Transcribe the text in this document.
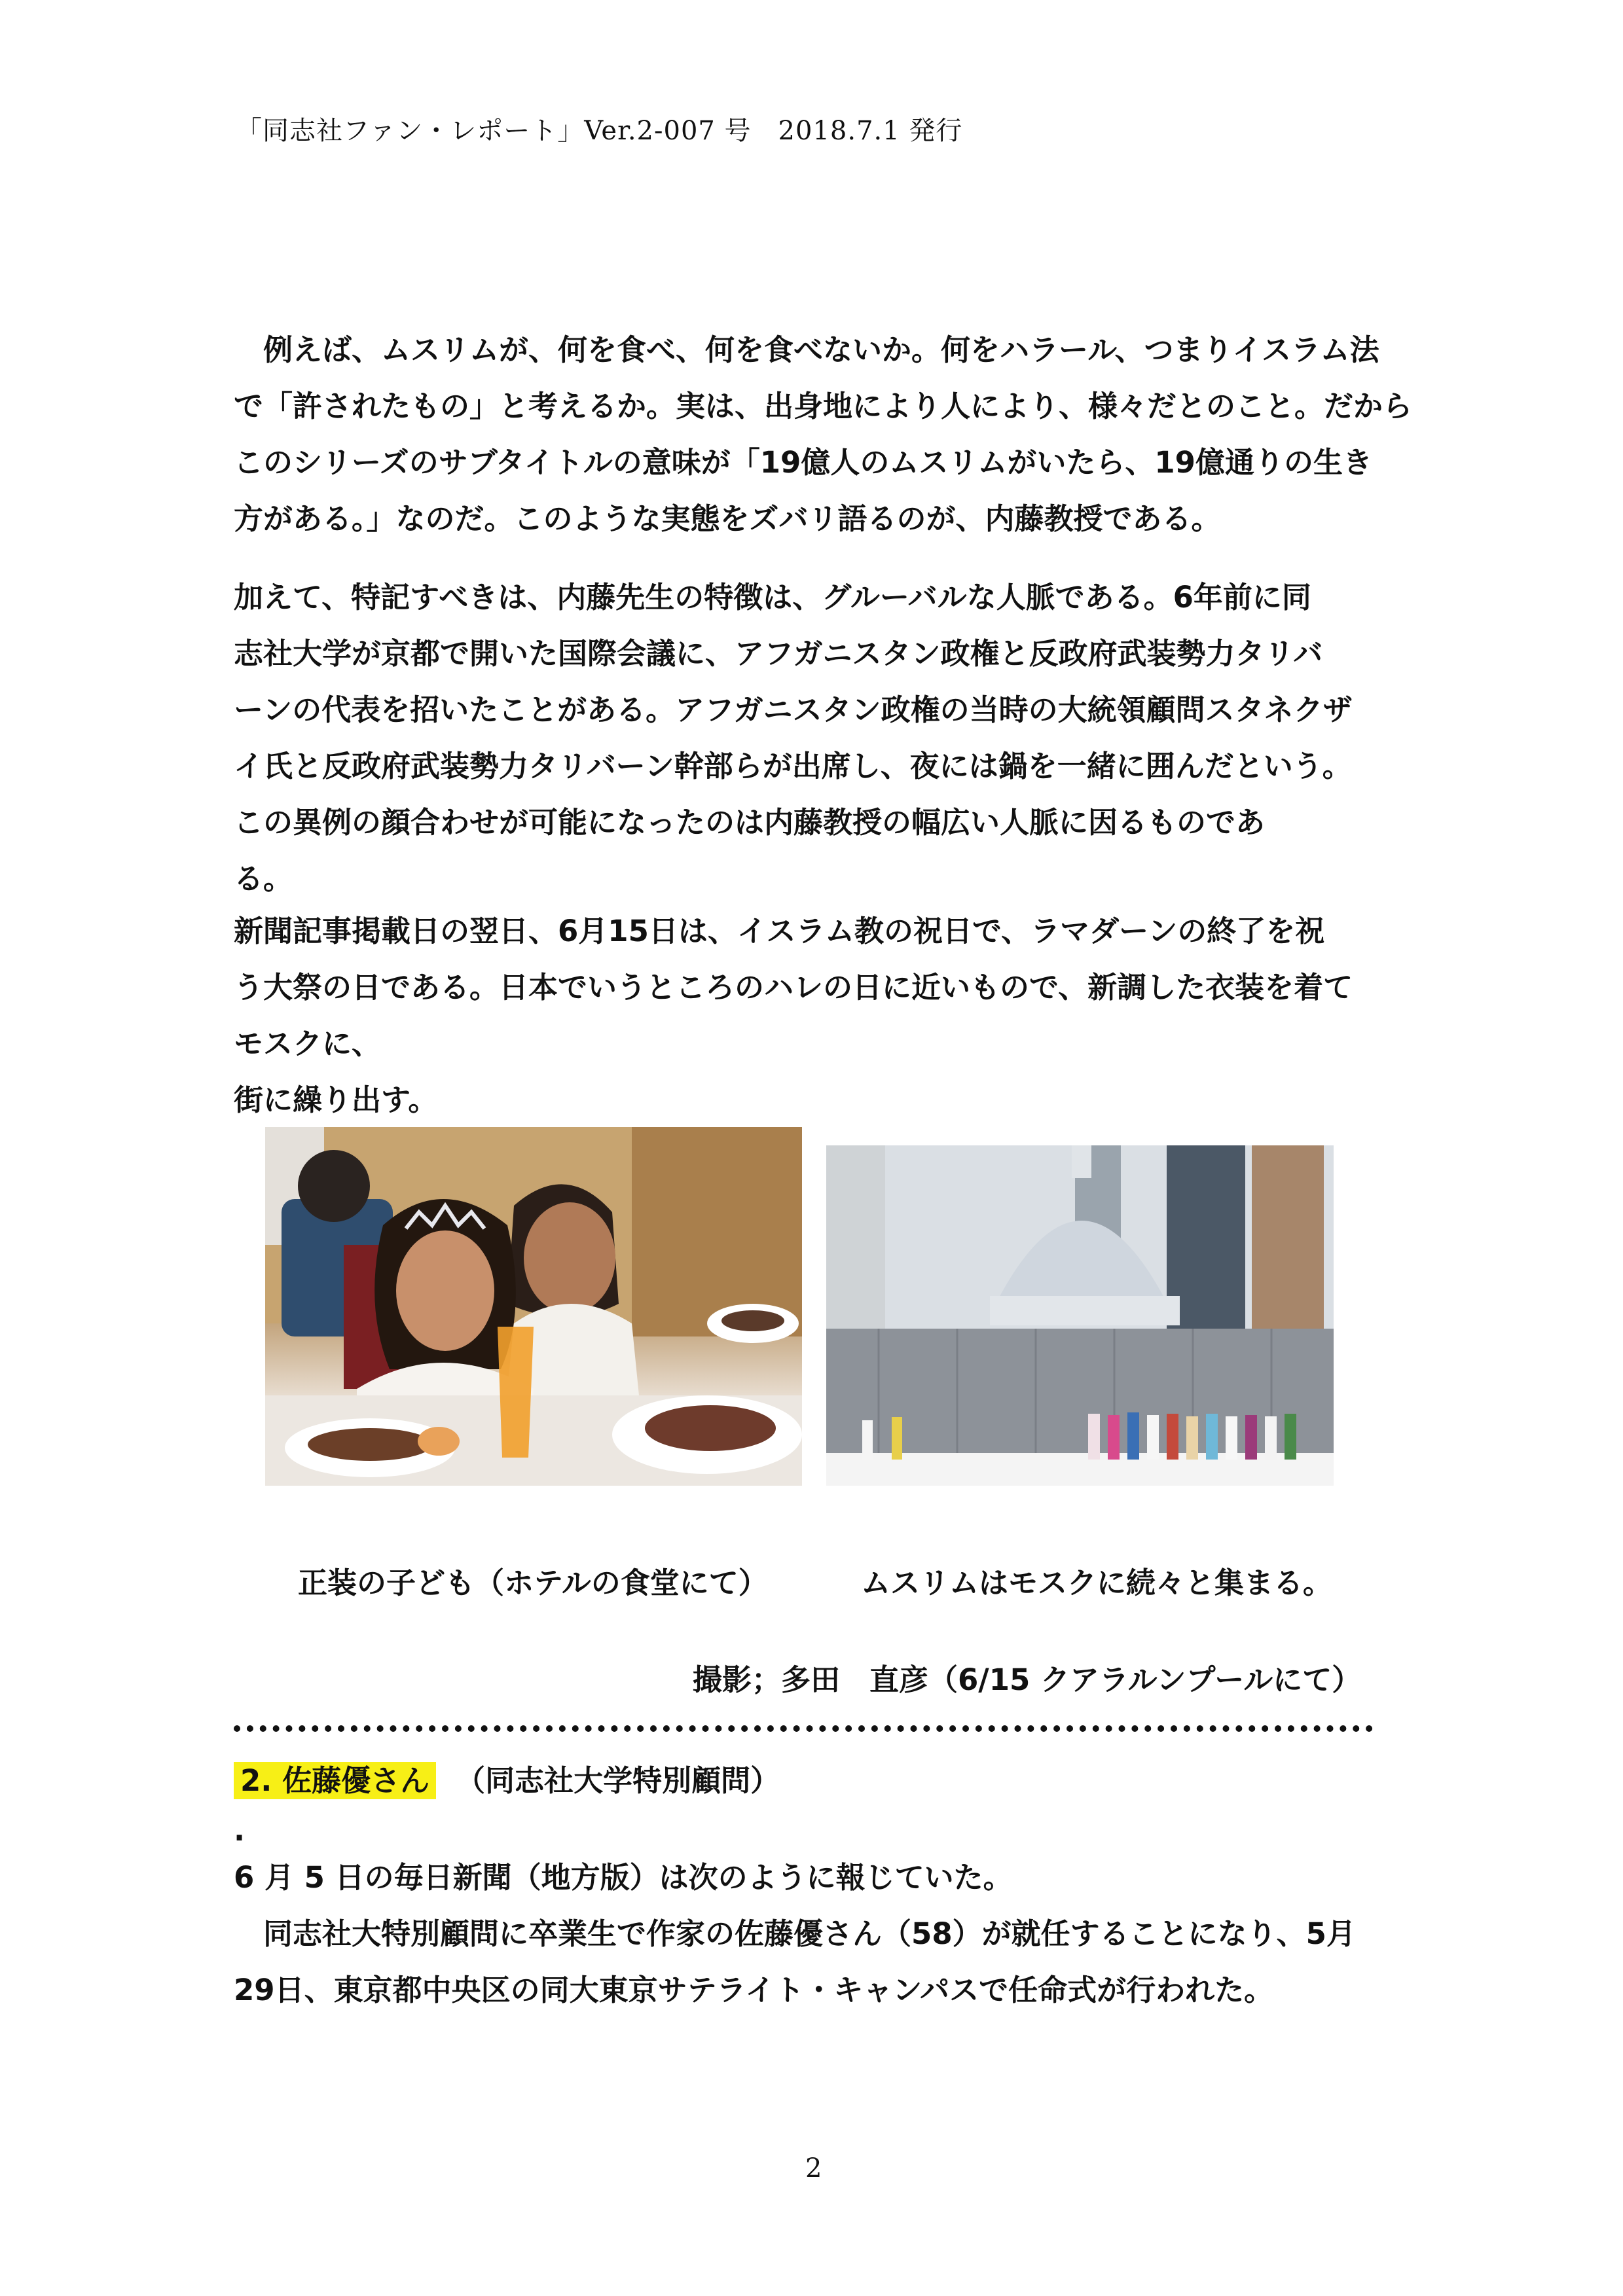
「同志社ファン・レポート」Ver.2-007 号　2018.7.1 発行
　例えば、ムスリムが、何を食べ、何を食べないか。何をハラール、つまりイスラム法
で「許されたもの」と考えるか。実は、出身地により人により、様々だとのこと。だから
このシリーズのサブタイトルの意味が「19億人のムスリムがいたら、19億通りの生き
方がある。」なのだ。このような実態をズバリ語るのが、内藤教授である。
加えて、特記すべきは、内藤先生の特徴は、グルーバルな人脈である。6年前に同
志社大学が京都で開いた国際会議に、アフガニスタン政権と反政府武装勢力タリバ
ーンの代表を招いたことがある。アフガニスタン政権の当時の大統領顧問スタネクザ
イ氏と反政府武装勢力タリバーン幹部らが出席し、夜には鍋を一緒に囲んだという。
この異例の顔合わせが可能になったのは内藤教授の幅広い人脈に因るものであ
る。
新聞記事掲載日の翌日、6月15日は、イスラム教の祝日で、ラマダーンの終了を祝
う大祭の日である。日本でいうところのハレの日に近いもので、新調した衣装を着て
モスクに、
街に繰り出す。
正装の子ども（ホテルの食堂にて）	ムスリムはモスクに続々と集まる。
撮影；多田　直彦（6/15 クアラルンプールにて）
2. 佐藤優さん （同志社大学特別顧問）
.
6 月 5 日の毎日新聞（地方版）は次のように報じていた。
　同志社大特別顧問に卒業生で作家の佐藤優さん（58）が就任することになり、5月
29日、東京都中央区の同大東京サテライト・キャンパスで任命式が行われた。
2
